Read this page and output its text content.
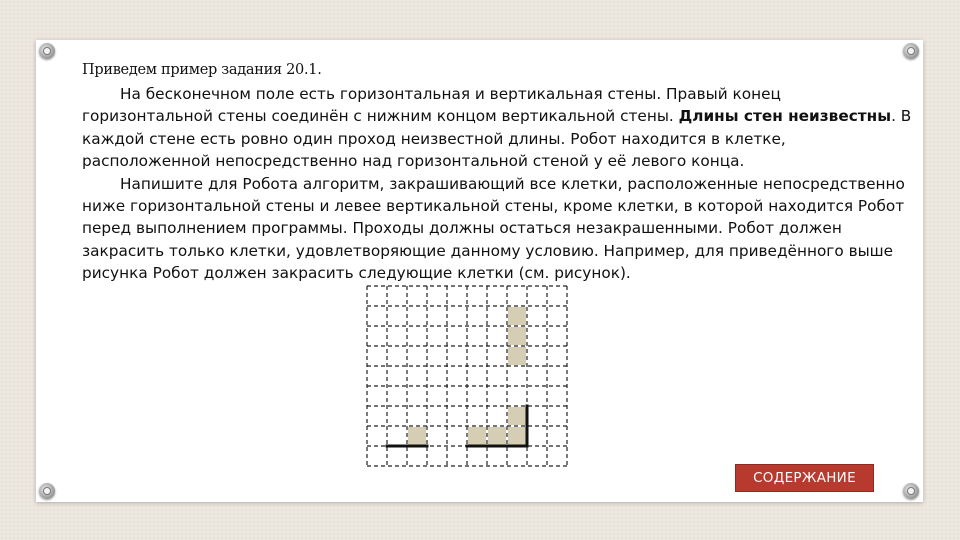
Приведем пример задания 20.1.

На бесконечном поле есть горизонтальная и вертикальная стены. Правый конец горизонтальной стены соединён с нижним концом вертикальной стены. Длины стен неизвестны. В каждой стене есть ровно один проход неизвестной длины. Робот находится в клетке, расположенной непосредственно над горизонтальной стеной у её левого конца.

Напишите для Робота алгоритм, закрашивающий все клетки, расположенные непосредственно ниже горизонтальной стены и левее вертикальной стены, кроме клетки, в которой находится Робот перед выполнением программы. Проходы должны остаться незакрашенными. Робот должен закрасить только клетки, удовлетворяющие данному условию. Например, для приведённого выше рисунка Робот должен закрасить следующие клетки (см. рисунок).

СОДЕРЖАНИЕ
